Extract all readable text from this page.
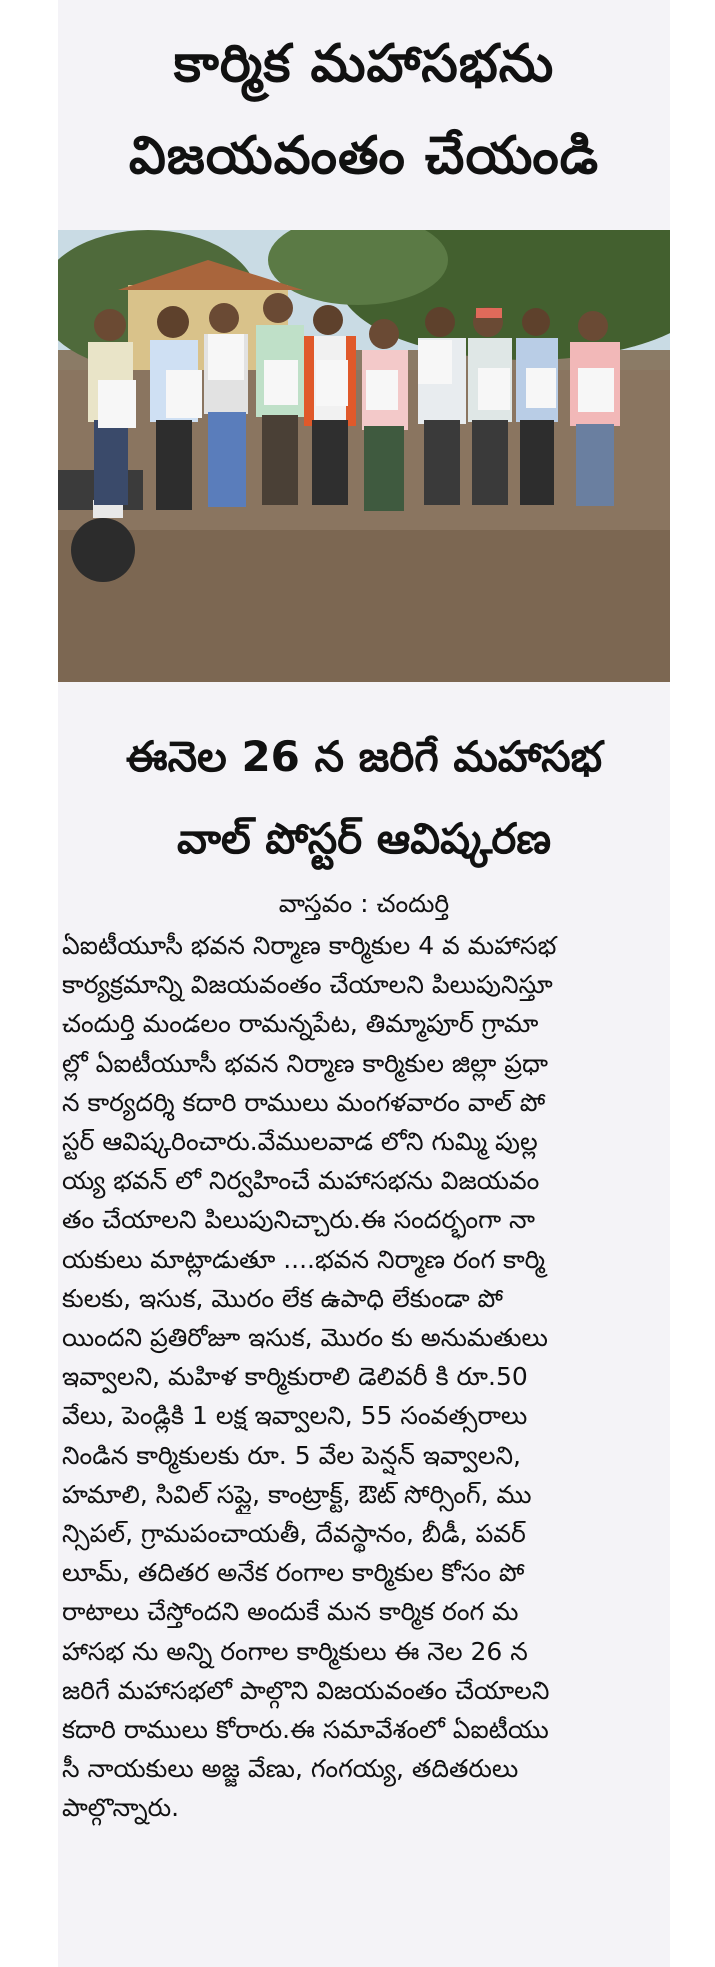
కార్మిక మహాసభను
విజయవంతం చేయండి
ఈనెల 26 న జరిగే మహాసభ
వాల్ పోస్టర్ ఆవిష్కరణ
వాస్తవం : చందుర్తి
ఏఐటీయూసీ భవన నిర్మాణ కార్మికుల 4 వ మహాసభ
కార్యక్రమాన్ని విజయవంతం చేయాలని పిలుపునిస్తూ
చందుర్తి మండలం రామన్నపేట, తిమ్మాపూర్ గ్రామా
ల్లో ఏఐటీయూసీ భవన నిర్మాణ కార్మికుల జిల్లా ప్రధా
న కార్యదర్శి కదారి రాములు మంగళవారం వాల్ పో
స్టర్ ఆవిష్కరించారు.వేములవాడ లోని గుమ్మి పుల్ల
య్య భవన్ లో నిర్వహించే మహాసభను విజయవం
తం చేయాలని పిలుపునిచ్చారు.ఈ సందర్భంగా నా
యకులు మాట్లాడుతూ ....భవన నిర్మాణ రంగ కార్మి
కులకు, ఇసుక, మొరం లేక ఉపాధి లేకుండా పో
యిందని ప్రతిరోజూ ఇసుక, మొరం కు అనుమతులు
ఇవ్వాలని, మహిళ కార్మికురాలి డెలివరీ కి రూ.50
వేలు, పెండ్లికి 1 లక్ష ఇవ్వాలని, 55 సంవత్సరాలు
నిండిన కార్మికులకు రూ. 5 వేల పెన్షన్ ఇవ్వాలని,
హమాలి, సివిల్ సప్లై, కాంట్రాక్ట్, ఔట్ సోర్సింగ్, ము
న్సిపల్, గ్రామపంచాయతీ, దేవస్థానం, బీడీ, పవర్
లూమ్, తదితర అనేక రంగాల కార్మికుల కోసం పో
రాటాలు చేస్తోందని అందుకే మన కార్మిక రంగ మ
హాసభ ను అన్ని రంగాల కార్మికులు ఈ నెల 26 న
జరిగే మహాసభలో పాల్గొని విజయవంతం చేయాలని
కదారి రాములు కోరారు.ఈ సమావేశంలో ఏఐటీయు
సీ నాయకులు అజ్జ వేణు, గంగయ్య, తదితరులు
పాల్గొన్నారు.
